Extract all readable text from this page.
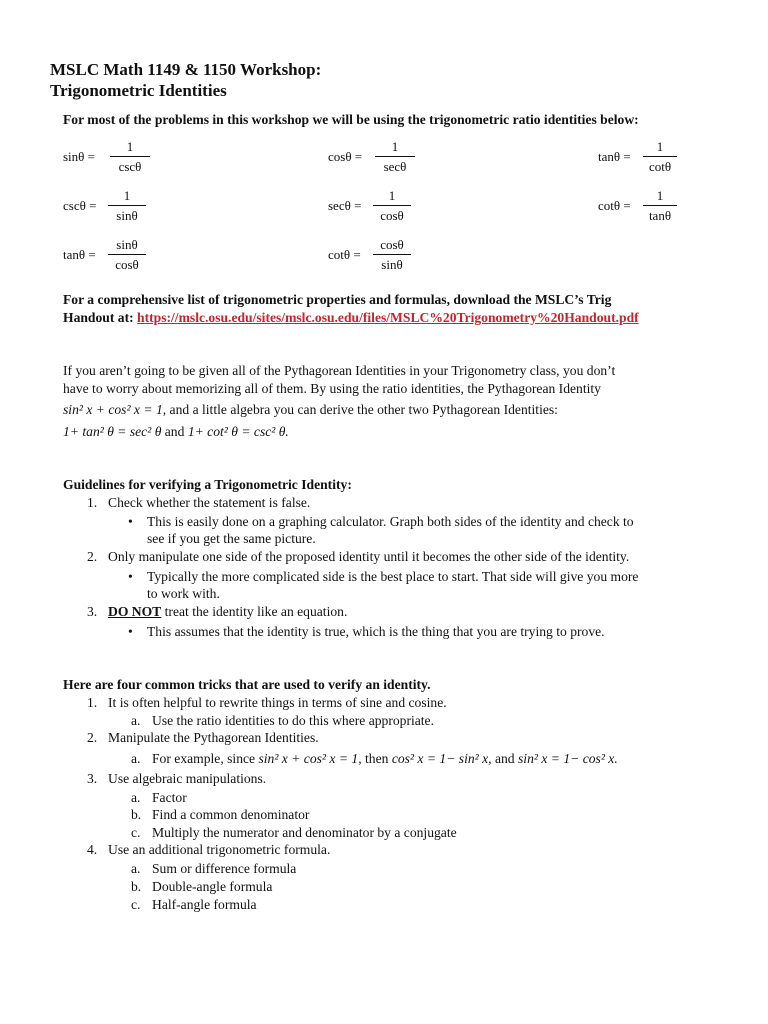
MSLC Math 1149 & 1150 Workshop:
Trigonometric Identities
For most of the problems in this workshop we will be using the trigonometric ratio identities below:
sinθ =
1
cscθ
cosθ =
1
secθ
tanθ =
1
cotθ
cscθ =
1
sinθ
secθ =
1
cosθ
cotθ =
1
tanθ
tanθ =
sinθ
cosθ
cotθ =
cosθ
sinθ
For a comprehensive list of trigonometric properties and formulas, download the MSLC’s Trig
Handout at: https://mslc.osu.edu/sites/mslc.osu.edu/files/MSLC%20Trigonometry%20Handout.pdf
If you aren’t going to be given all of the Pythagorean Identities in your Trigonometry class, you don’t
have to worry about memorizing all of them. By using the ratio identities, the Pythagorean Identity
sin² x + cos² x = 1, and a little algebra you can derive the other two Pythagorean Identities:
1+ tan² θ = sec² θ and 1+ cot² θ = csc² θ.
Guidelines for verifying a Trigonometric Identity:
1. Check whether the statement is false.
• This is easily done on a graphing calculator. Graph both sides of the identity and check to
see if you get the same picture.
2. Only manipulate one side of the proposed identity until it becomes the other side of the identity.
• Typically the more complicated side is the best place to start. That side will give you more
to work with.
3. DO NOT treat the identity like an equation.
• This assumes that the identity is true, which is the thing that you are trying to prove.
Here are four common tricks that are used to verify an identity.
1. It is often helpful to rewrite things in terms of sine and cosine.
a. Use the ratio identities to do this where appropriate.
2. Manipulate the Pythagorean Identities.
a. For example, since sin² x + cos² x = 1, then cos² x = 1− sin² x, and sin² x = 1− cos² x.
3. Use algebraic manipulations.
a. Factor
b. Find a common denominator
c. Multiply the numerator and denominator by a conjugate
4. Use an additional trigonometric formula.
a. Sum or difference formula
b. Double-angle formula
c. Half-angle formula
